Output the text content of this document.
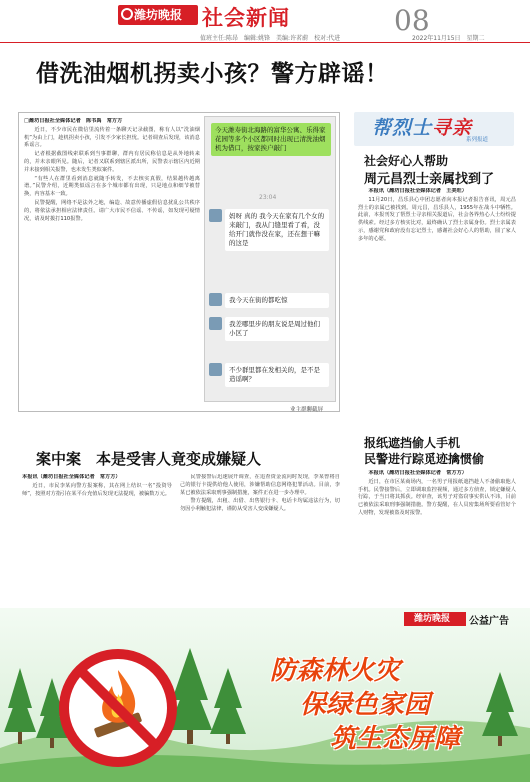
潍坊晚报 社会新闻	08
值班主任:陈昂　编辑:姚锋　美编:许茗蔚　校对:代进	2022年11月15日　星期二
借洗油烟机拐卖小孩？警方辟谣！
□潍坊日报社全媒体记者　陈书禹　常方方

近日，不少市民在微信里流传着一条聊天记录截图，称有人以“洗油烟机”为由上门，趁机拐卖小孩，引发不少家长担忧。记者调查后发现，该消息系谣言。

记者根据截图线索联系到当事群聊，群内有居民称信息是从外地转来的，并未亲眼所见。随后，记者又联系到辖区派出所，民警表示辖区内近期并未接到相关报警，也未发生类似案件。

“有些人在群里看到消息就随手转发，不去核实真假，结果越传越离谱。”民警介绍，近期类似谣言在多个城市都有出现，只是地点和细节被替换，内容基本一致。

民警提醒，网络不是法外之地，编造、故意传播虚假信息扰乱公共秩序的，将依法承担相应法律责任。请广大市民不信谣、不传谣，如发现可疑情况，请及时拨打110报警。

今天潍寿街北海路的富华公寓、乐得家花园等多个小区都同时出现已清洗油烟机为借口，按家挨户敲门
23:04
妈呀 真的 我今天在家有几个女的来敲门，我从门缝里看了看，没给开门就作没在家，还在想干嘛的这是
我今天在街的都吃惊
我差哪里步的朋友说是周过他们小区了
不少群里都在发相关的，是不是造谣啊？
业主群聊截屏
案中案　本是受害人竟变成嫌疑人
本报讯（潍坊日报社全媒体记者　常方方）

近日，市民李某向警方报案称，其在网上结识一名“投资导师”，按照对方指引在某平台充值后发现无法提现，被骗数万元。

民警接警后迅速展开调查，在追查资金流向时发现，李某曾将自己的银行卡提供给他人使用，涉嫌帮助信息网络犯罪活动。目前，李某已被依法采取刑事强制措施，案件正在进一步办理中。

警方提醒，出租、出借、出售银行卡、电话卡均属违法行为，切勿因小利触犯法律，谨防从受害人变成嫌疑人。

帮烈士寻亲
系列报道
社会好心人帮助
周元昌烈士亲属找到了
本报讯（潍坊日报社全媒体记者　王美旺）

11月20日，昌乐县心中团志愿者向本报记者报告喜讯，周元昌烈士的亲属已被找到。周元昌，昌乐县人，1955年在战斗中牺牲。此前，本报刊发了帮烈士寻亲相关报道后，社会各界热心人士纷纷提供线索。经过多方核实比对，最终确认了烈士亲属身份。烈士亲属表示，感谢党和政府没有忘记烈士，感谢社会好心人的帮助，圆了家人多年的心愿。

报纸遮挡偷人手机
民警进行踪觅迹擒惯偷
本报讯（潍坊日报社全媒体记者　常方方）

近日，在市区某商场内，一名男子用报纸遮挡趁人不备偷取他人手机。民警接警后，立即调取监控视频，通过多方侦查，锁定嫌疑人行踪，于当日将其抓获。经审查，该男子对盗窃事实供认不讳，目前已被依法采取刑事强制措施。警方提醒，在人员密集场所要看管好个人财物，发现被盗及时报警。

潍坊晚报	公益广告
防森林火灾
保绿色家园
筑生态屏障
